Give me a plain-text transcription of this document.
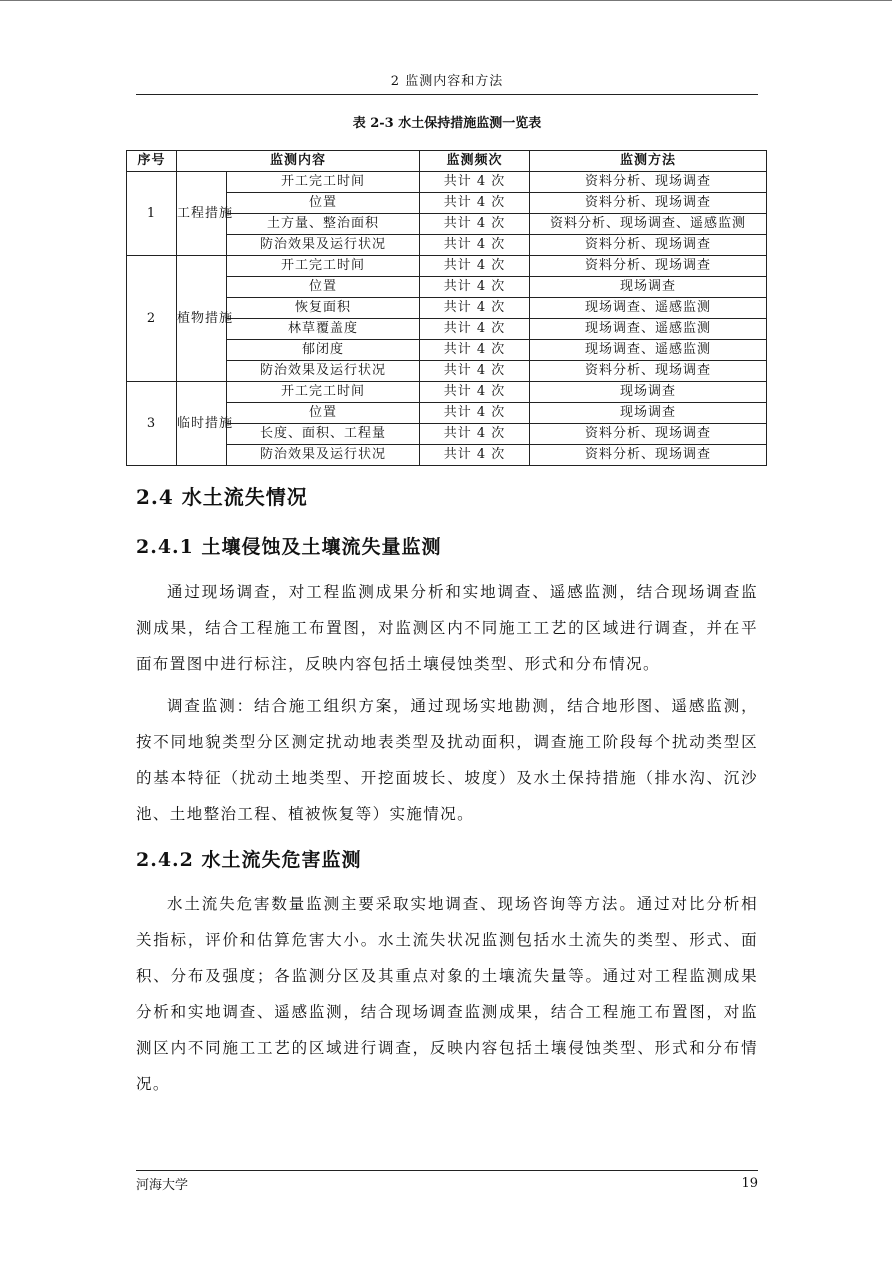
2 监测内容和方法
表 2-3 水土保持措施监测一览表
序号	监测内容		监测频次	监测方法
1	工程措施	开工完工时间	共计 4 次	资料分析、现场调查
		位置	共计 4 次	资料分析、现场调查
		土方量、整治面积	共计 4 次	资料分析、现场调查、遥感监测
		防治效果及运行状况	共计 4 次	资料分析、现场调查
2	植物措施	开工完工时间	共计 4 次	资料分析、现场调查
		位置	共计 4 次	现场调查
		恢复面积	共计 4 次	现场调查、遥感监测
		林草覆盖度	共计 4 次	现场调查、遥感监测
		郁闭度	共计 4 次	现场调查、遥感监测
		防治效果及运行状况	共计 4 次	资料分析、现场调查
3	临时措施	开工完工时间	共计 4 次	现场调查
		位置	共计 4 次	现场调查
		长度、面积、工程量	共计 4 次	资料分析、现场调查
		防治效果及运行状况	共计 4 次	资料分析、现场调查
2.4 水土流失情况
2.4.1 土壤侵蚀及土壤流失量监测

通过现场调查，对工程监测成果分析和实地调查、遥感监测，结合现场调查监测成果，结合工程施工布置图，对监测区内不同施工工艺的区域进行调查，并在平面布置图中进行标注，反映内容包括土壤侵蚀类型、形式和分布情况。

调查监测：结合施工组织方案，通过现场实地勘测，结合地形图、遥感监测，按不同地貌类型分区测定扰动地表类型及扰动面积，调查施工阶段每个扰动类型区的基本特征（扰动土地类型、开挖面坡长、坡度）及水土保持措施（排水沟、沉沙池、土地整治工程、植被恢复等）实施情况。

2.4.2 水土流失危害监测

水土流失危害数量监测主要采取实地调查、现场咨询等方法。通过对比分析相关指标，评价和估算危害大小。水土流失状况监测包括水土流失的类型、形式、面积、分布及强度；各监测分区及其重点对象的土壤流失量等。通过对工程监测成果分析和实地调查、遥感监测，结合现场调查监测成果，结合工程施工布置图，对监测区内不同施工工艺的区域进行调查，反映内容包括土壤侵蚀类型、形式和分布情况。

河海大学	19
